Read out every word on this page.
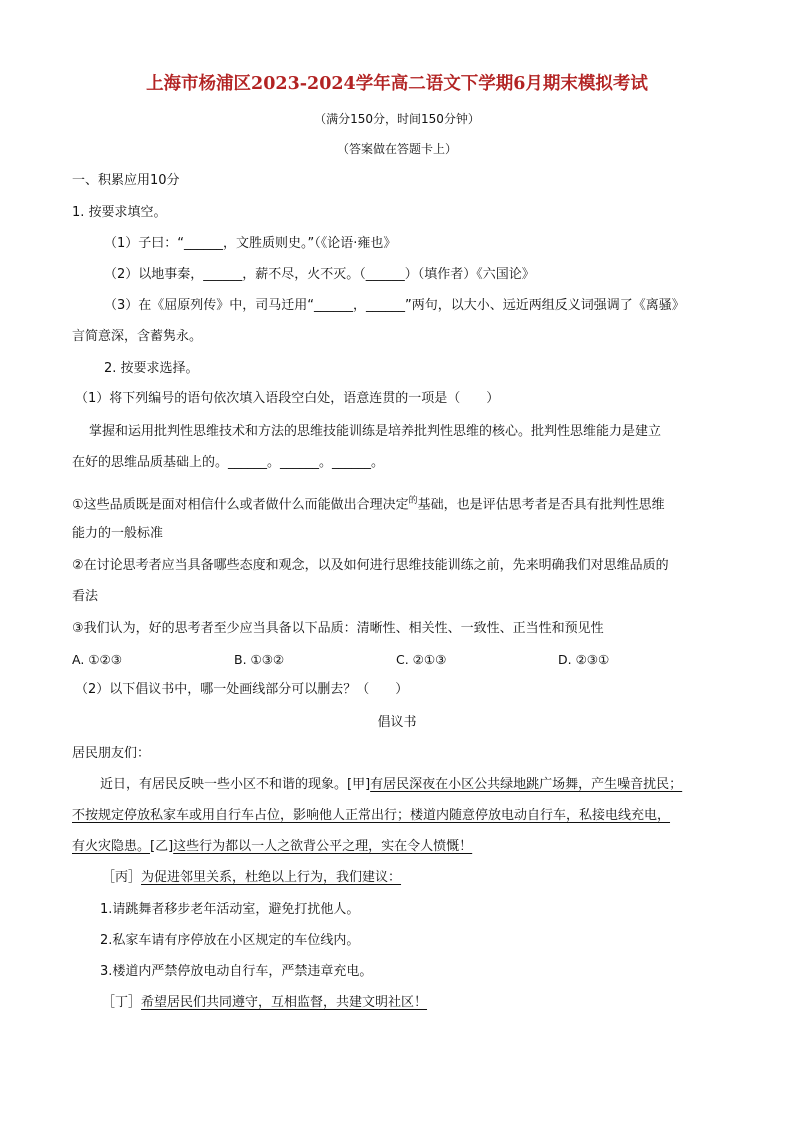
上海市杨浦区2023-2024学年高二语文下学期6月期末模拟考试
（满分150分，时间150分钟）
（答案做在答题卡上）
一、积累应用10分
1. 按要求填空。
（1）子曰：“______，文胜质则史。”（《论语·雍也》
（2）以地事秦，______，薪不尽，火不灭。（______）（填作者）《六国论》
（3）在《屈原列传》中，司马迁用“______，______”两句，以大小、远近两组反义词强调了《离骚》
言简意深，含蓄隽永。
2. 按要求选择。
（1）将下列编号的语句依次填入语段空白处，语意连贯的一项是（　　）
掌握和运用批判性思维技术和方法的思维技能训练是培养批判性思维的核心。批判性思维能力是建立
在好的思维品质基础上的。______。______。______。
①这些品质既是面对相信什么或者做什么而能做出合理决定$^的$基础，也是评估思考者是否具有批判性思维
能力的一般标准
②在讨论思考者应当具备哪些态度和观念，以及如何进行思维技能训练之前，先来明确我们对思维品质的
看法
③我们认为，好的思考者至少应当具备以下品质：清晰性、相关性、一致性、正当性和预见性
A. ①②③	B. ①③②	C. ②①③	D. ②③①
（2）以下倡议书中，哪一处画线部分可以删去？（　　）
倡议书
居民朋友们：
近日，有居民反映一些小区不和谐的现象。[甲]有居民深夜在小区公共绿地跳广场舞，产生噪音扰民；
不按规定停放私家车或用自行车占位，影响他人正常出行；楼道内随意停放电动自行车，私接电线充电，
有火灾隐患。[乙]这些行为都以一人之欲背公平之理，实在令人愤慨！
［丙］为促进邻里关系，杜绝以上行为，我们建议：
1.请跳舞者移步老年活动室，避免打扰他人。
2.私家车请有序停放在小区规定的车位线内。
3.楼道内严禁停放电动自行车，严禁违章充电。
［丁］希望居民们共同遵守，互相监督，共建文明社区！
